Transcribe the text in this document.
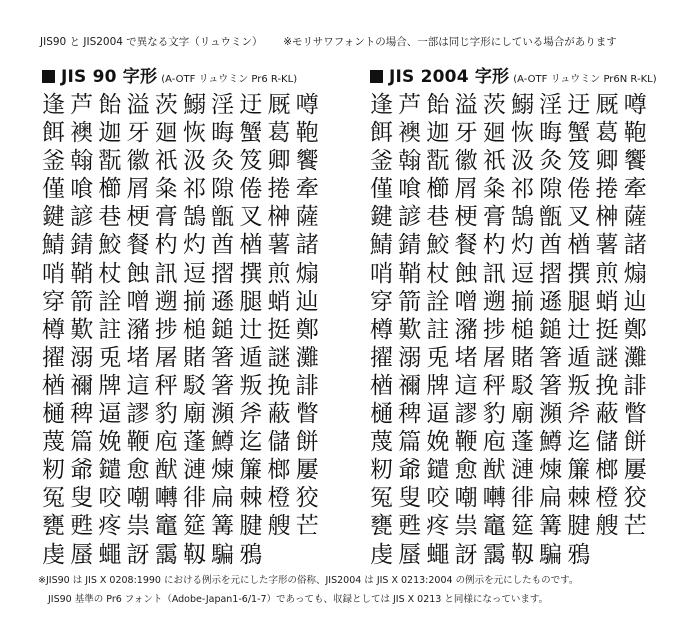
JIS90 と JIS2004 で異なる文字（リュウミン） ※モリサワフォントの場合、一部は同じ字形にしている場合があります
JIS 90 字形 (A-OTF リュウミン Pr6 R-KL)
逢 芦 飴 溢 茨 鰯 淫 迂 厩 噂
餌 襖 迦 牙 廻 恢 晦 蟹 葛 鞄
釜 翰 翫 徽 祇 汲 灸 笈 卿 饗
僅 喰 櫛 屑 粂 祁 隙 倦 捲 牽
鍵 諺 巷 梗 膏 鵠 甑 叉 榊 薩
鯖 錆 鮫 餐 杓 灼 酋 楢 薯 諸
哨 鞘 杖 蝕 訊 逗 摺 撰 煎 煽
穿 箭 詮 噌 遡 揃 遜 腿 蛸 辿
樽 歎 註 瀦 捗 槌 鎚 辻 挺 鄭
擢 溺 兎 堵 屠 賭 箸 遁 謎 灘
楢 禰 牌 這 秤 駁 箸 叛 挽 誹
樋 稗 逼 謬 豹 廟 瀕 斧 蔽 瞥
蔑 篇 娩 鞭 庖 蓬 鱒 迄 儲 餅
籾 爺 鑓 愈 猷 漣 煉 簾 榔 屢
冤 叟 咬 嘲 囀 徘 扁 棘 橙 狡
甕 甦 疼 祟 竈 筵 篝 腱 艘 芒
虔 蜃 蠅 訝 靄 靱 騙 鴉
JIS 2004 字形 (A-OTF リュウミン Pr6N R-KL)
逢 芦 飴 溢 茨 鰯 淫 迂 厩 噂
餌 襖 迦 牙 廻 恢 晦 蟹 葛 鞄
釜 翰 翫 徽 祇 汲 灸 笈 卿 饗
僅 喰 櫛 屑 粂 祁 隙 倦 捲 牽
鍵 諺 巷 梗 膏 鵠 甑 叉 榊 薩
鯖 錆 鮫 餐 杓 灼 酋 楢 薯 諸
哨 鞘 杖 蝕 訊 逗 摺 撰 煎 煽
穿 箭 詮 噌 遡 揃 遜 腿 蛸 辿
樽 歎 註 瀦 捗 槌 鎚 辻 挺 鄭
擢 溺 兎 堵 屠 賭 箸 遁 謎 灘
楢 禰 牌 這 秤 駁 箸 叛 挽 誹
樋 稗 逼 謬 豹 廟 瀕 斧 蔽 瞥
蔑 篇 娩 鞭 庖 蓬 鱒 迄 儲 餅
籾 爺 鑓 愈 猷 漣 煉 簾 榔 屢
冤 叟 咬 嘲 囀 徘 扁 棘 橙 狡
甕 甦 疼 祟 竈 筵 篝 腱 艘 芒
虔 蜃 蠅 訝 靄 靱 騙 鴉
※JIS90 は JIS X 0208:1990 における例示を元にした字形の俗称、JIS2004 は JIS X 0213:2004 の例示を元にしたものです。
JIS90 基準の Pr6 フォント（Adobe-Japan1-6/1-7）であっても、収録としては JIS X 0213 と同様になっています。
